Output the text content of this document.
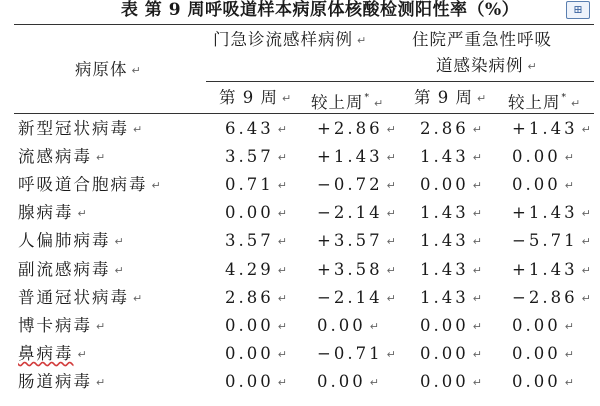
表 第 9 周呼吸道样本病原体核酸检测阳性率（%）	⊞
病原体 ↵
门急诊流感样病例 ↵	住院严重急性呼吸
道感染病例 ↵
第 9 周 ↵ 较上周* ↵ 第 9 周 ↵ 较上周* ↵
新型冠状病毒 ↵	6.43 ↵ +2.86 ↵ 2.86 ↵ +1.43 ↵
流感病毒 ↵	3.57 ↵ +1.43 ↵ 1.43 ↵ 0.00 ↵
呼吸道合胞病毒 ↵	0.71 ↵ −0.72 ↵ 0.00 ↵ 0.00 ↵
腺病毒 ↵	0.00 ↵ −2.14 ↵ 1.43 ↵ +1.43 ↵
人偏肺病毒 ↵	3.57 ↵ +3.57 ↵ 1.43 ↵ −5.71 ↵
副流感病毒 ↵	4.29 ↵ +3.58 ↵ 1.43 ↵ +1.43 ↵
普通冠状病毒 ↵	2.86 ↵ −2.14 ↵ 1.43 ↵ −2.86 ↵
博卡病毒 ↵	0.00 ↵ 0.00 ↵ 0.00 ↵ 0.00 ↵
鼻病毒 ↵	0.00 ↵ −0.71 ↵ 0.00 ↵ 0.00 ↵
肠道病毒 ↵	0.00 ↵ 0.00 ↵ 0.00 ↵ 0.00 ↵
